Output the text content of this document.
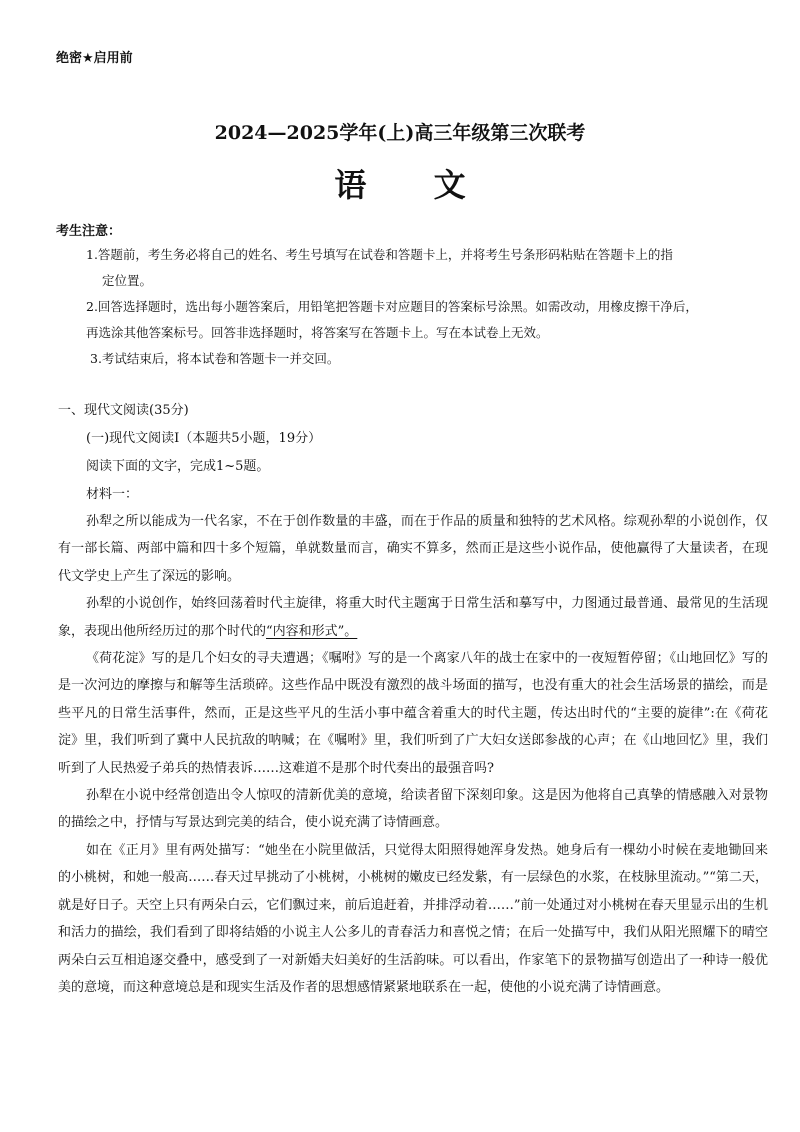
绝密★启用前
2024—2025学年(上)高三年级第三次联考
语 文
考生注意：
1.答题前，考生务必将自己的姓名、考生号填写在试卷和答题卡上，并将考生号条形码粘贴在答题卡上的指
定位置。
2.回答选择题时，选出每小题答案后，用铅笔把答题卡对应题目的答案标号涂黑。如需改动，用橡皮擦干净后，
再选涂其他答案标号。回答非选择题时，将答案写在答题卡上。写在本试卷上无效。
3.考试结束后，将本试卷和答题卡一并交回。
一、现代文阅读(35分)
(一)现代文阅读Ⅰ（本题共5小题，19分）
阅读下面的文字，完成1~5题。
材料一：

孙犁之所以能成为一代名家，不在于创作数量的丰盛，而在于作品的质量和独特的艺术风格。综观孙犁的小说创作，仅有一部长篇、两部中篇和四十多个短篇，单就数量而言，确实不算多，然而正是这些小说作品，使他赢得了大量读者，在现代文学史上产生了深远的影响。

孙犁的小说创作，始终回荡着时代主旋律，将重大时代主题寓于日常生活和摹写中，力图通过最普通、最常见的生活现象，表现出他所经历过的那个时代的“内容和形式”。

《荷花淀》写的是几个妇女的寻夫遭遇；《嘱咐》写的是一个离家八年的战士在家中的一夜短暂停留；《山地回忆》写的是一次河边的摩擦与和解等生活琐碎。这些作品中既没有激烈的战斗场面的描写，也没有重大的社会生活场景的描绘，而是些平凡的日常生活事件，然而，正是这些平凡的生活小事中蕴含着重大的时代主题，传达出时代的“主要的旋律”:在《荷花淀》里，我们听到了冀中人民抗敌的呐喊；在《嘱咐》里，我们听到了广大妇女送郎参战的心声；在《山地回忆》里，我们听到了人民热爱子弟兵的热情表诉……这难道不是那个时代奏出的最强音吗?

孙犁在小说中经常创造出令人惊叹的清新优美的意境，给读者留下深刻印象。这是因为他将自己真挚的情感融入对景物的描绘之中，抒情与写景达到完美的结合，使小说充满了诗情画意。

如在《正月》里有两处描写：“她坐在小院里做活，只觉得太阳照得她浑身发热。她身后有一棵幼小时候在麦地锄回来的小桃树，和她一般高……春天过早挑动了小桃树，小桃树的嫩皮已经发紫，有一层绿色的水浆，在枝脉里流动。”“第二天，就是好日子。天空上只有两朵白云，它们飘过来，前后追赶着，并排浮动着……”前一处通过对小桃树在春天里显示出的生机和活力的描绘，我们看到了即将结婚的小说主人公多儿的青春活力和喜悦之情；在后一处描写中，我们从阳光照耀下的晴空两朵白云互相追逐交叠中，感受到了一对新婚夫妇美好的生活韵味。可以看出，作家笔下的景物描写创造出了一种诗一般优美的意境，而这种意境总是和现实生活及作者的思想感情紧紧地联系在一起，使他的小说充满了诗情画意。
